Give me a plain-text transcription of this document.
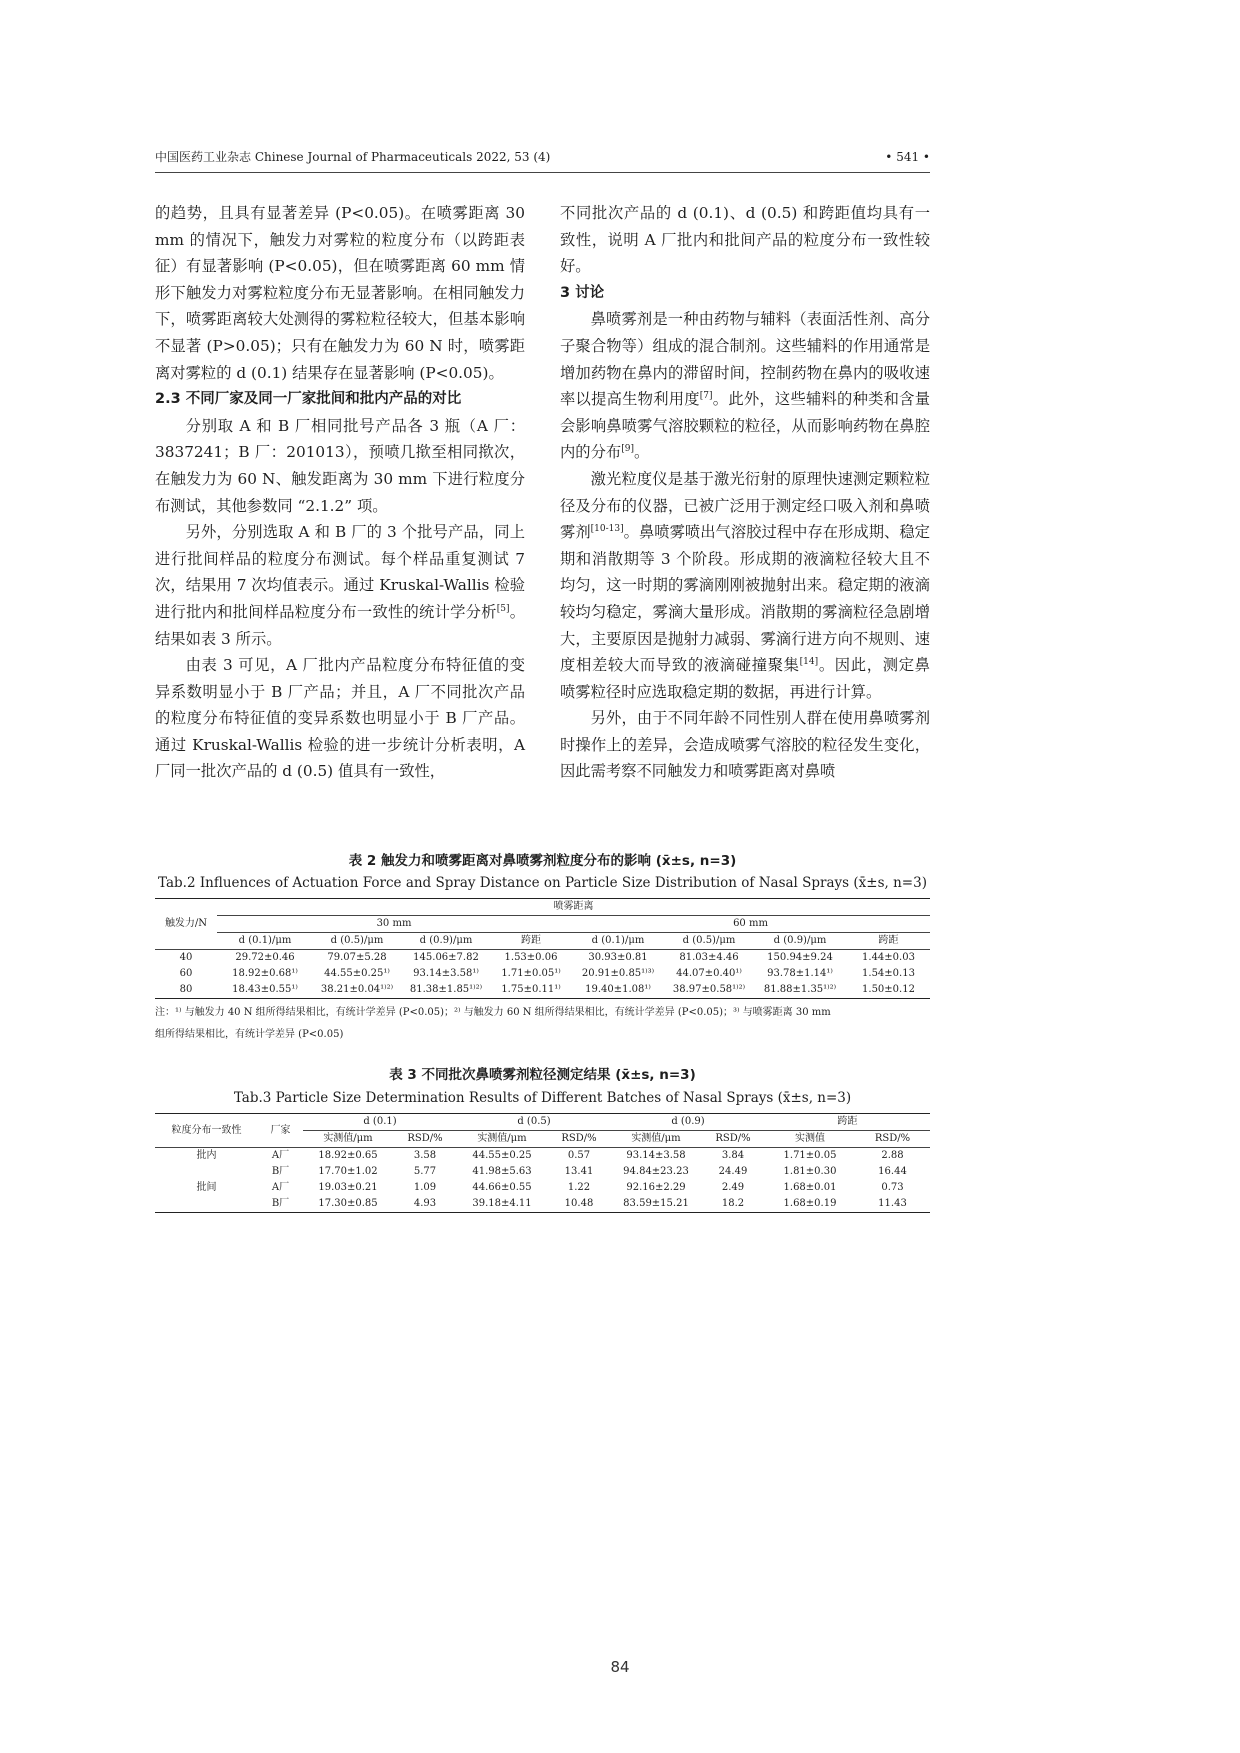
中国医药工业杂志 Chinese Journal of Pharmaceuticals 2022, 53 (4)	• 541 •

的趋势，且具有显著差异 (P<0.05)。在喷雾距离 30 mm 的情况下，触发力对雾粒的粒度分布（以跨距表征）有显著影响 (P<0.05)，但在喷雾距离 60 mm 情形下触发力对雾粒粒度分布无显著影响。在相同触发力下，喷雾距离较大处测得的雾粒粒径较大，但基本影响不显著 (P>0.05)；只有在触发力为 60 N 时，喷雾距离对雾粒的 d (0.1) 结果存在显著影响 (P<0.05)。

2.3 不同厂家及同一厂家批间和批内产品的对比

分别取 A 和 B 厂相同批号产品各 3 瓶（A 厂：3837241；B 厂：201013），预喷几揿至相同揿次，在触发力为 60 N、触发距离为 30 mm 下进行粒度分布测试，其他参数同 “2.1.2” 项。

另外，分别选取 A 和 B 厂的 3 个批号产品，同上进行批间样品的粒度分布测试。每个样品重复测试 7 次，结果用 7 次均值表示。通过 Kruskal-Wallis 检验进行批内和批间样品粒度分布一致性的统计学分析[5]。结果如表 3 所示。

由表 3 可见，A 厂批内产品粒度分布特征值的变异系数明显小于 B 厂产品；并且，A 厂不同批次产品的粒度分布特征值的变异系数也明显小于 B 厂产品。通过 Kruskal-Wallis 检验的进一步统计分析表明，A 厂同一批次产品的 d (0.5) 值具有一致性，

不同批次产品的 d (0.1)、d (0.5) 和跨距值均具有一致性，说明 A 厂批内和批间产品的粒度分布一致性较好。

3 讨论

鼻喷雾剂是一种由药物与辅料（表面活性剂、高分子聚合物等）组成的混合制剂。这些辅料的作用通常是增加药物在鼻内的滞留时间，控制药物在鼻内的吸收速率以提高生物利用度[7]。此外，这些辅料的种类和含量会影响鼻喷雾气溶胶颗粒的粒径，从而影响药物在鼻腔内的分布[9]。

激光粒度仪是基于激光衍射的原理快速测定颗粒粒径及分布的仪器，已被广泛用于测定经口吸入剂和鼻喷雾剂[10-13]。鼻喷雾喷出气溶胶过程中存在形成期、稳定期和消散期等 3 个阶段。形成期的液滴粒径较大且不均匀，这一时期的雾滴刚刚被抛射出来。稳定期的液滴较均匀稳定，雾滴大量形成。消散期的雾滴粒径急剧增大，主要原因是抛射力减弱、雾滴行进方向不规则、速度相差较大而导致的液滴碰撞聚集[14]。因此，测定鼻喷雾粒径时应选取稳定期的数据，再进行计算。

另外，由于不同年龄不同性别人群在使用鼻喷雾剂时操作上的差异，会造成喷雾气溶胶的粒径发生变化，因此需考察不同触发力和喷雾距离对鼻喷

表 2 触发力和喷雾距离对鼻喷雾剂粒度分布的影响 (x̄±s, n=3)
Tab.2 Influences of Actuation Force and Spray Distance on Particle Size Distribution of Nasal Sprays (x̄±s, n=3)
触发力/N	喷雾距离							
	30 mm				60 mm			
	d (0.1)/μm	d (0.5)/μm	d (0.9)/μm	跨距	d (0.1)/μm	d (0.5)/μm	d (0.9)/μm	跨距
40	29.72±0.46	79.07±5.28	145.06±7.82	1.53±0.06	30.93±0.81	81.03±4.46	150.94±9.24	1.44±0.03
60	18.92±0.68¹⁾	44.55±0.25¹⁾	93.14±3.58¹⁾	1.71±0.05¹⁾	20.91±0.85¹⁾³⁾	44.07±0.40¹⁾	93.78±1.14¹⁾	1.54±0.13
80	18.43±0.55¹⁾	38.21±0.04¹⁾²⁾	81.38±1.85¹⁾²⁾	1.75±0.11¹⁾	19.40±1.08¹⁾	38.97±0.58¹⁾²⁾	81.88±1.35¹⁾²⁾	1.50±0.12
注：¹⁾ 与触发力 40 N 组所得结果相比，有统计学差异 (P<0.05)；²⁾ 与触发力 60 N 组所得结果相比，有统计学差异 (P<0.05)；³⁾ 与喷雾距离 30 mm
组所得结果相比，有统计学差异 (P<0.05)
表 3 不同批次鼻喷雾剂粒径测定结果 (x̄±s, n=3)
Tab.3 Particle Size Determination Results of Different Batches of Nasal Sprays (x̄±s, n=3)
粒度分布一致性	厂家	d (0.1)		d (0.5)		d (0.9)		跨距	
		实测值/μm	RSD/%	实测值/μm	RSD/%	实测值/μm	RSD/%	实测值	RSD/%
批内	A厂	18.92±0.65	3.58	44.55±0.25	0.57	93.14±3.58	3.84	1.71±0.05	2.88
	B厂	17.70±1.02	5.77	41.98±5.63	13.41	94.84±23.23	24.49	1.81±0.30	16.44
批间	A厂	19.03±0.21	1.09	44.66±0.55	1.22	92.16±2.29	2.49	1.68±0.01	0.73
	B厂	17.30±0.85	4.93	39.18±4.11	10.48	83.59±15.21	18.2	1.68±0.19	11.43
84
